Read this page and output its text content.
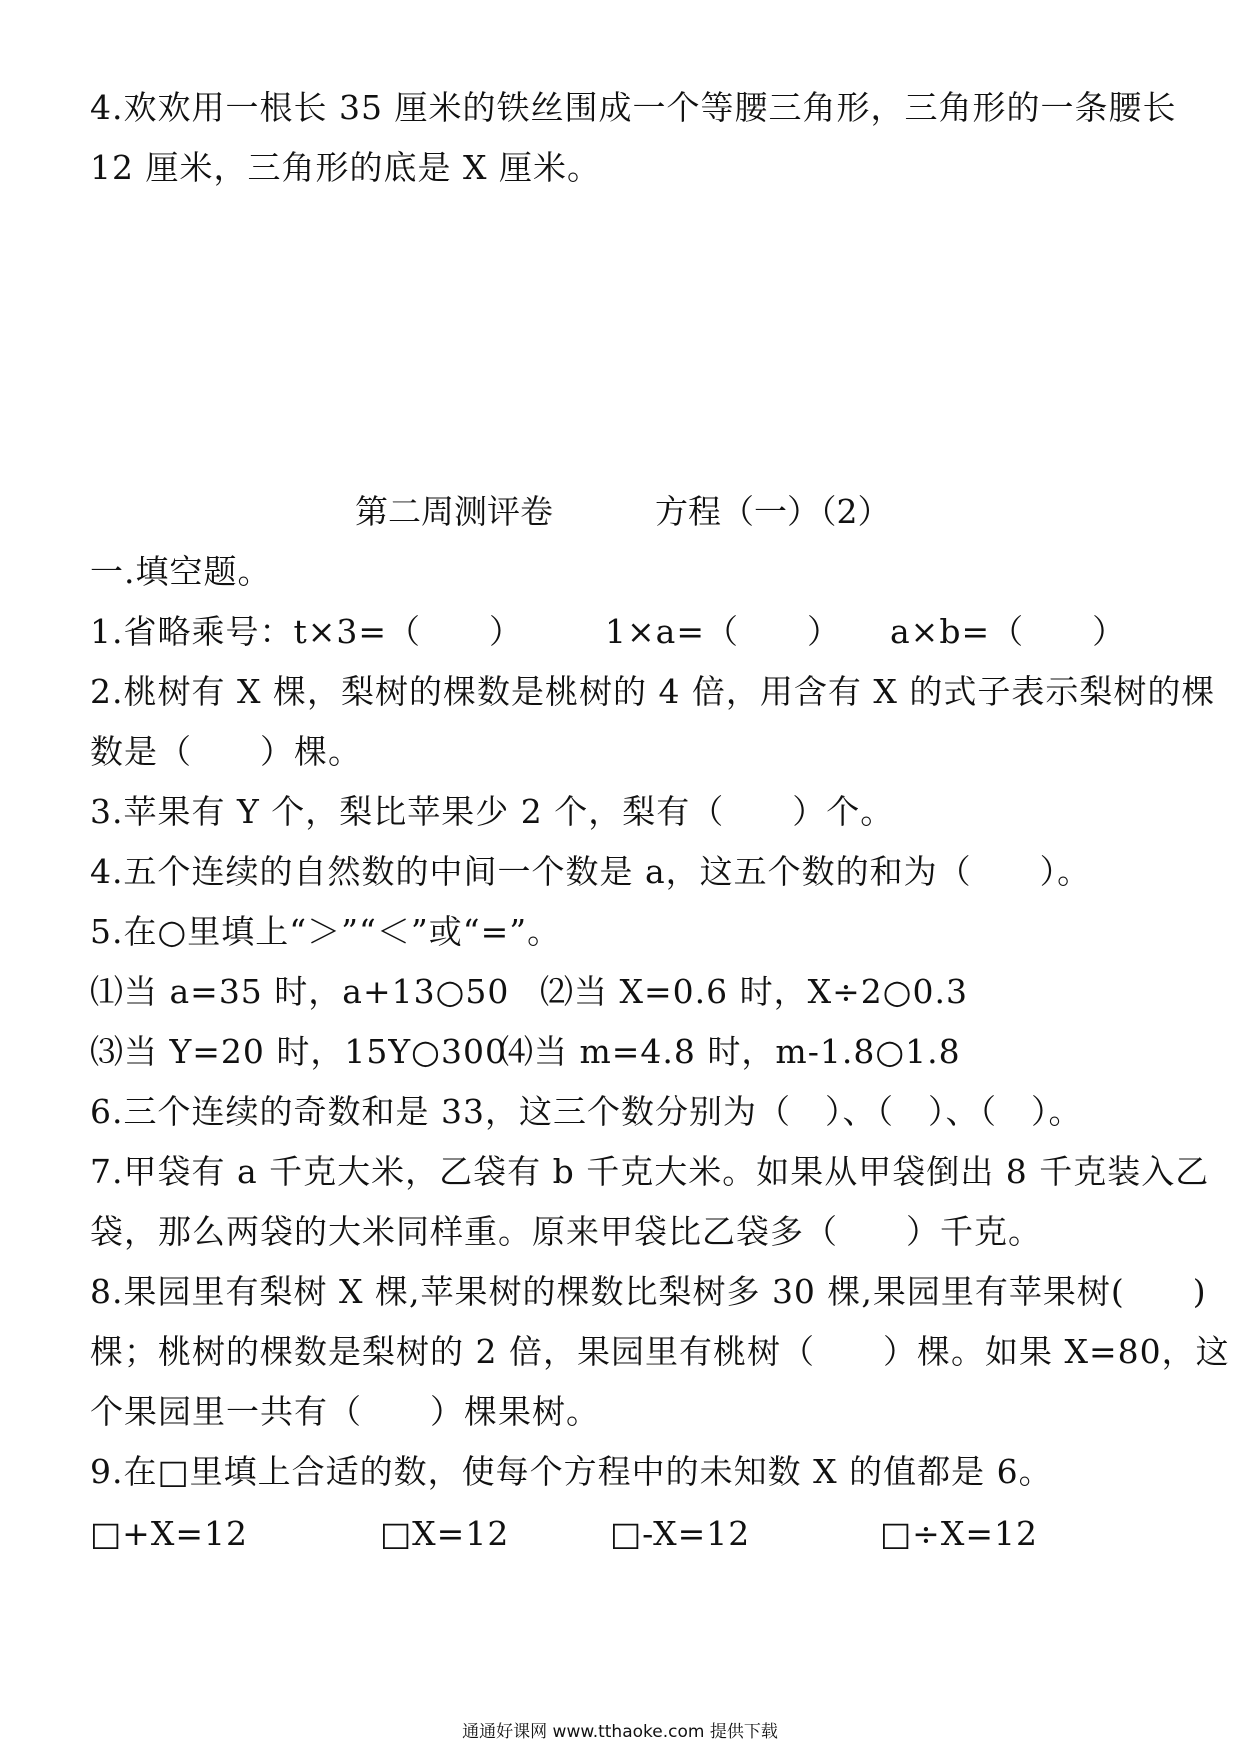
4.欢欢用一根长 35 厘米的铁丝围成一个等腰三角形，三角形的一条腰长
12 厘米，三角形的底是 X 厘米。
第二周测评卷	方程（一）（2）
一.填空题。
1.省略乘号：t×3=（　　） 1×a=（　　） a×b=（　　）
2.桃树有 X 棵，梨树的棵数是桃树的 4 倍，用含有 X 的式子表示梨树的棵
数是（　　）棵。
3.苹果有 Y 个，梨比苹果少 2 个，梨有（　　）个。
4.五个连续的自然数的中间一个数是 a，这五个数的和为（　　）。
5.在○里填上“＞”“＜”或“=”。
⑴当 a=35 时，a+13○50 ⑵当 X=0.6 时，X÷2○0.3
⑶当 Y=20 时，15Y○300
⑷当 m=4.8 时，m-1.8○1.8
6.三个连续的奇数和是 33，这三个数分别为（　）、（　）、（　）。
7.甲袋有 a 千克大米，乙袋有 b 千克大米。如果从甲袋倒出 8 千克装入乙
袋，那么两袋的大米同样重。原来甲袋比乙袋多（　　）千克。
8.果园里有梨树 X 棵,苹果树的棵数比梨树多 30 棵,果园里有苹果树(　　)
棵；桃树的棵数是梨树的 2 倍，果园里有桃树（　　）棵。如果 X=80，这
个果园里一共有（　　）棵果树。
9.在□里填上合适的数，使每个方程中的未知数 X 的值都是 6。
□+X=12	□X=12	□-X=12	□÷X=12
通通好课网 www.tthaoke.com 提供下载
